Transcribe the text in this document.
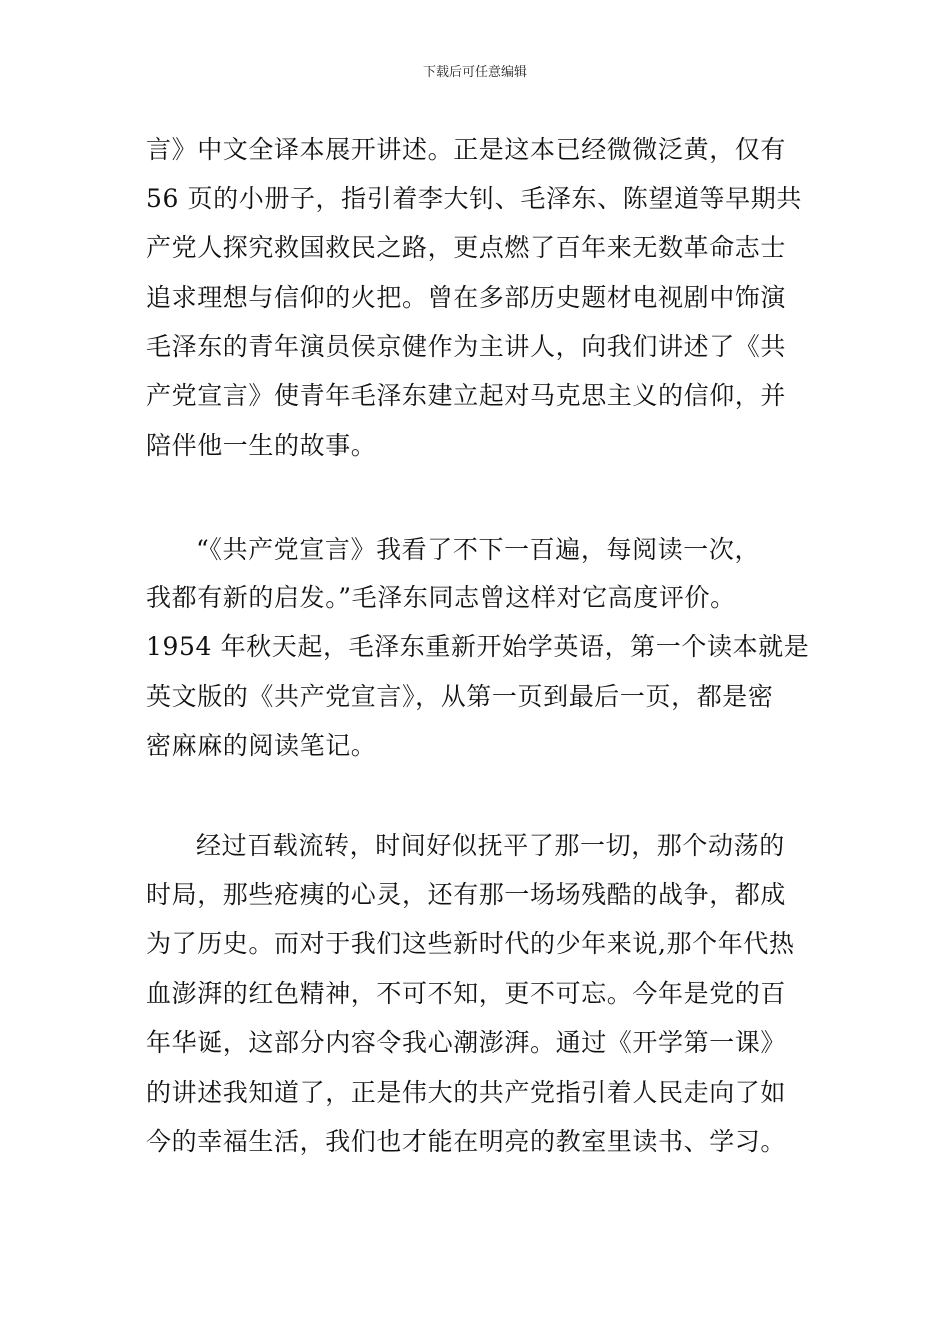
下载后可任意编辑
言》中文全译本展开讲述。正是这本已经微微泛黄，仅有
56 页的小册子，指引着李大钊、毛泽东、陈望道等早期共
产党人探究救国救民之路，更点燃了百年来无数革命志士
追求理想与信仰的火把。曾在多部历史题材电视剧中饰演
毛泽东的青年演员侯京健作为主讲人，向我们讲述了《共
产党宣言》使青年毛泽东建立起对马克思主义的信仰，并
陪伴他一生的故事。
“《共产党宣言》我看了不下一百遍，每阅读一次，
我都有新的启发。”毛泽东同志曾这样对它高度评价。
1954 年秋天起，毛泽东重新开始学英语，第一个读本就是
英文版的《共产党宣言》，从第一页到最后一页，都是密
密麻麻的阅读笔记。
经过百载流转，时间好似抚平了那一切，那个动荡的
时局，那些疮痍的心灵，还有那一场场残酷的战争，都成
为了历史。而对于我们这些新时代的少年来说,那个年代热
血澎湃的红色精神，不可不知，更不可忘。今年是党的百
年华诞，这部分内容令我心潮澎湃。通过《开学第一课》
的讲述我知道了，正是伟大的共产党指引着人民走向了如
今的幸福生活，我们也才能在明亮的教室里读书、学习。
